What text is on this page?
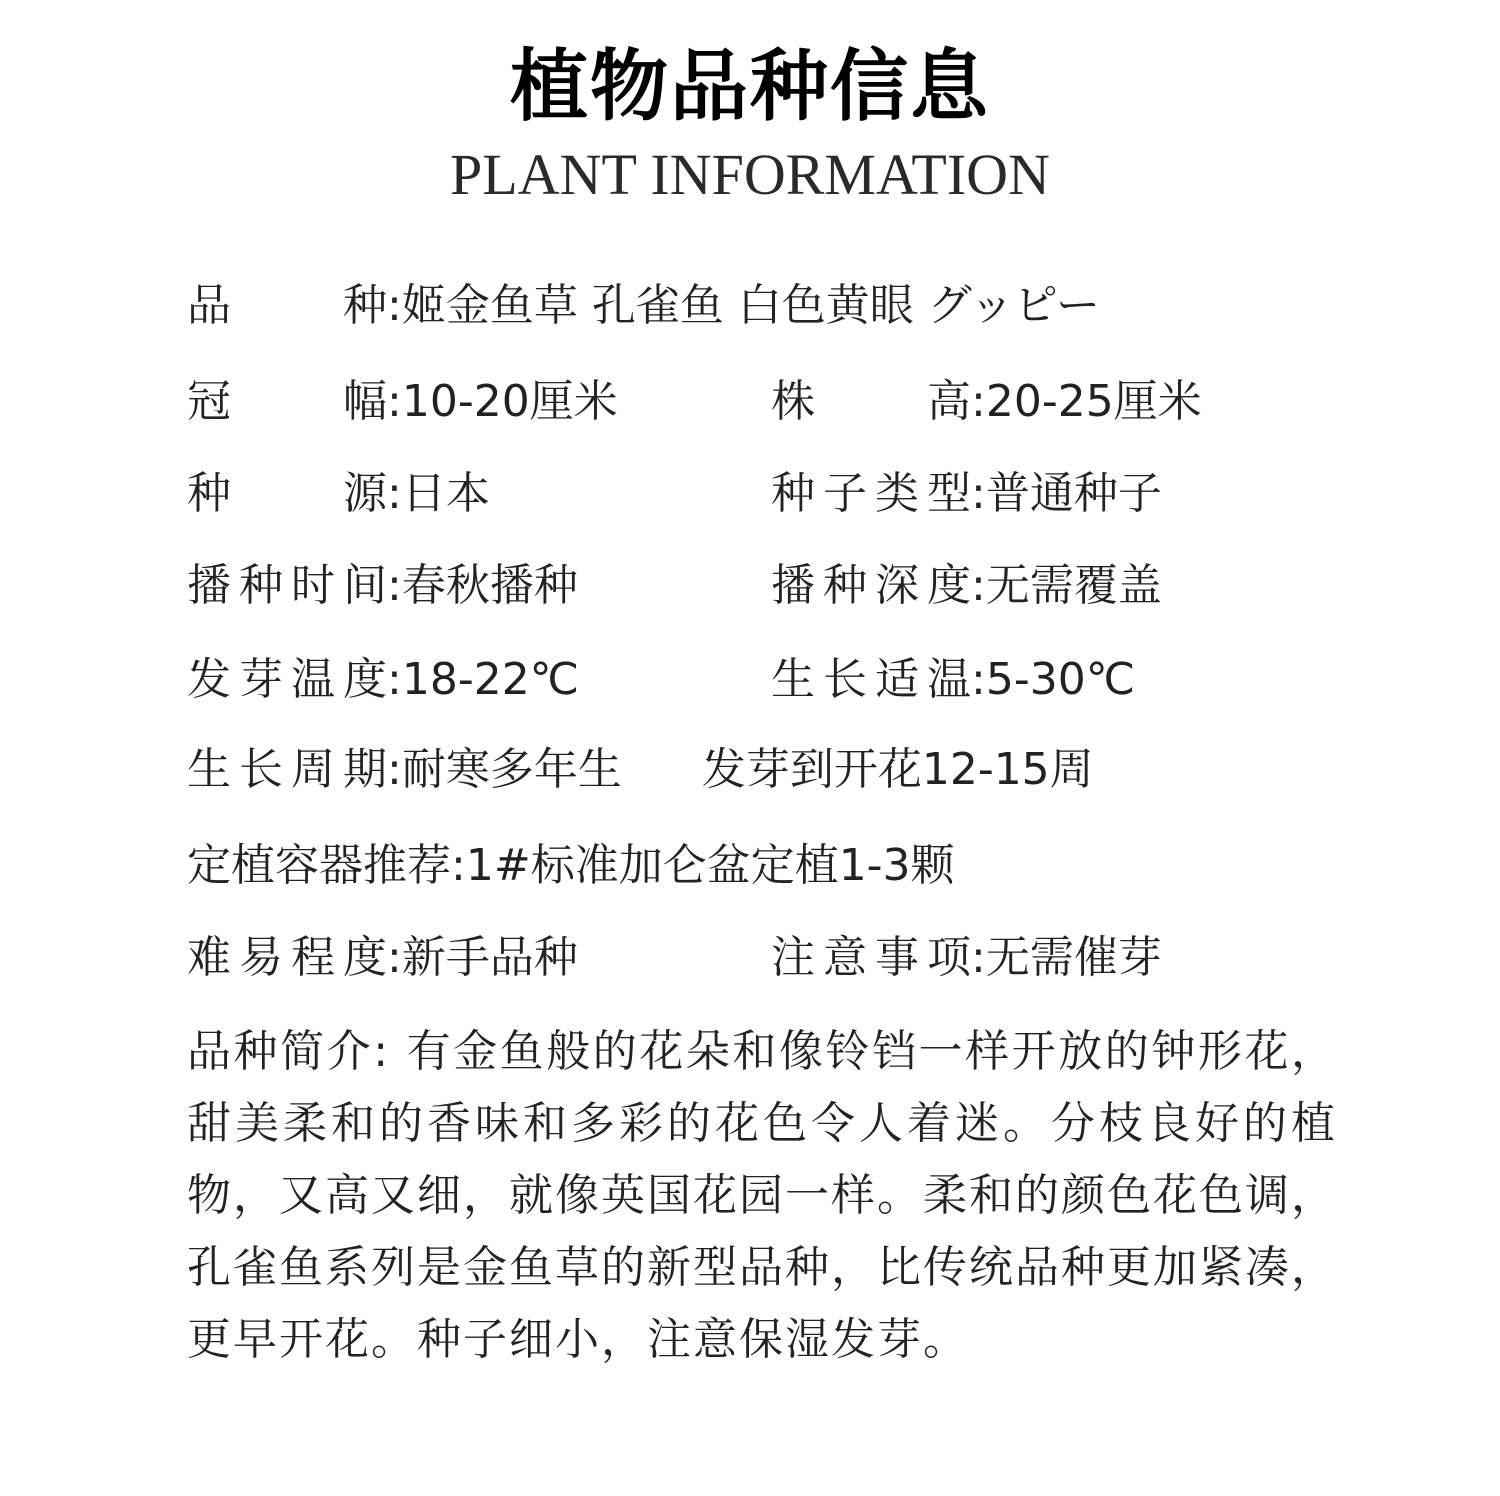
植物品种信息
PLANT INFORMATION
品种:姬金鱼草 孔雀鱼 白色黄眼 グッピー
冠幅:10-20厘米	株高:20-25厘米
种源:日本	种子类型:普通种子
播种时间:春秋播种	播种深度:无需覆盖
发芽温度:18-22℃	生长适温:5-30℃
生长周期:耐寒多年生 发芽到开花12-15周
定植容器推荐:1#标准加仑盆定植1-3颗
难易程度:新手品种	注意事项:无需催芽
品种简介: 有金鱼般的花朵和像铃铛一样开放的钟形花，甜美柔和的香味和多彩的花色令人着迷。分枝良好的植物，又高又细，就像英国花园一样。柔和的颜色花色调，孔雀鱼系列是金鱼草的新型品种，比传统品种更加紧凑，更早开花。种子细小，注意保湿发芽。
